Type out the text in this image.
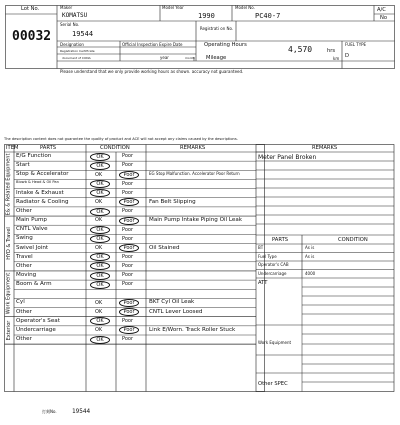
Lot No.
00032
Maker
KOMATSU
Model Year
1990
Model No.
PC40-7
A/C
No
Serial No.
19544
Registrati on No.
Designation
Registration Certificate
document of CONA
Official Inspection Expire Date
year	month
Operating Hours	4,570	hrs
Mileage	km
FUEL TYPE
D
Please understand that we only provide working hours as shown. accuracy not guaranteed.
The description content does not guarantee the quality of product and ACE will not accept any claims caused by the descriptions.
ITEM	PARTS	CONDITION	REMARKS
E/G Function	OK	Poor
Start	OK	Poor
Stop & Accelerator	OK	Poor	EG Stop Malfunction. Accelerator Poor Return
Blowb & Head & Oil Pan	OK	Poor
Intake & Exhaust	OK	Poor
Radiator & Cooling	OK	Poor	Fan Belt Slipping
Other	OK	Poor
E& & Related Equipment
Main Pump	OK	Poor	Main Pump Intake Piping Oil Leak
CNTL Valve	OK	Poor
Swing	OK	Poor
Swivel Joint	OK	Poor	Oil Stained
Travel	OK	Poor
Other	OK	Poor
HYD & Travel
Moving	OK	Poor
Boom & Arm	OK	Poor
Cyl	OK	Poor	BKT Cyl Oil Leak
Other	OK	Poor	CNTL Lever Loosed
Work Equipment
Operator's Seat	OK	Poor
Undercarriage	OK	Poor	Link E/Worn. Track Roller Stuck
Other	OK	Poor
Exterior
REMARKS
Meter Panel Broken
PARTS	CONDITION
BT	As is
Fuel Type	As is
Operator's CAB
Undercarriage	4000
ATT
Work Equipment
Other SPEC
打刻No.	19544
